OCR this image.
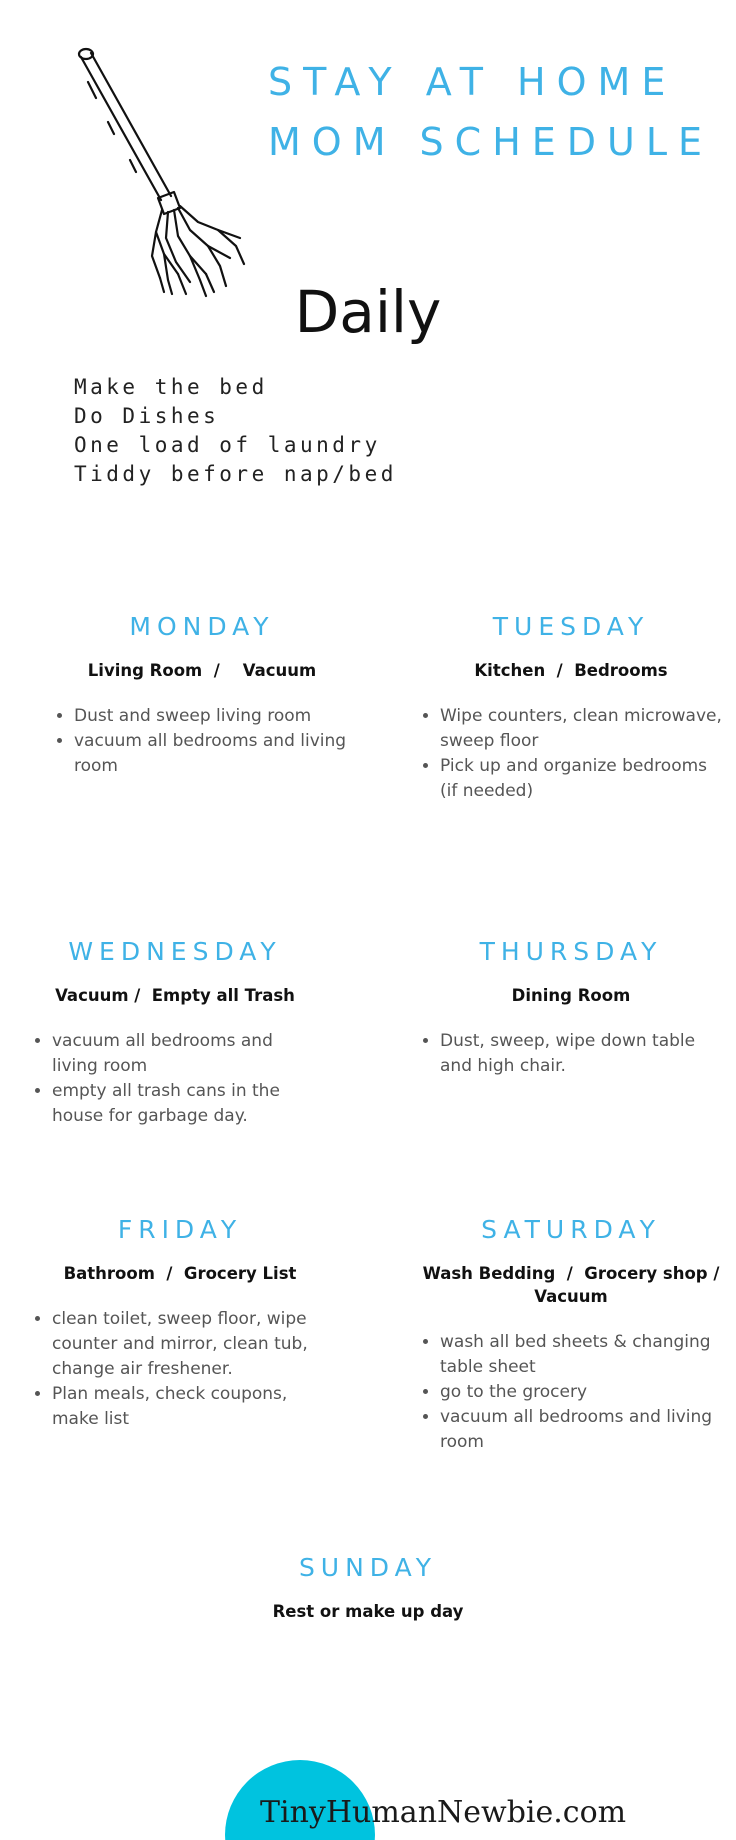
STAY AT HOME
MOM SCHEDULE
Daily
Make the bed
Do Dishes
One load of laundry
Tiddy before nap/bed
MONDAY
Living Room  /    Vacuum
• Dust and sweep living room
• vacuum all bedrooms and living room
TUESDAY
Kitchen  /  Bedrooms
• Wipe counters, clean microwave, sweep floor
• Pick up and organize bedrooms (if needed)
WEDNESDAY
Vacuum /  Empty all Trash
• vacuum all bedrooms and living room
• empty all trash cans in the house for garbage day.
THURSDAY
Dining Room
• Dust, sweep, wipe down table and high chair.
FRIDAY
Bathroom  /  Grocery List
• clean toilet, sweep floor, wipe counter and mirror, clean tub, change air freshener.
• Plan meals, check coupons, make list
SATURDAY
Wash Bedding  /  Grocery shop / Vacuum
• wash all bed sheets & changing table sheet
• go to the grocery
• vacuum all bedrooms and living room
SUNDAY
Rest or make up day
TinyHumanNewbie.com
